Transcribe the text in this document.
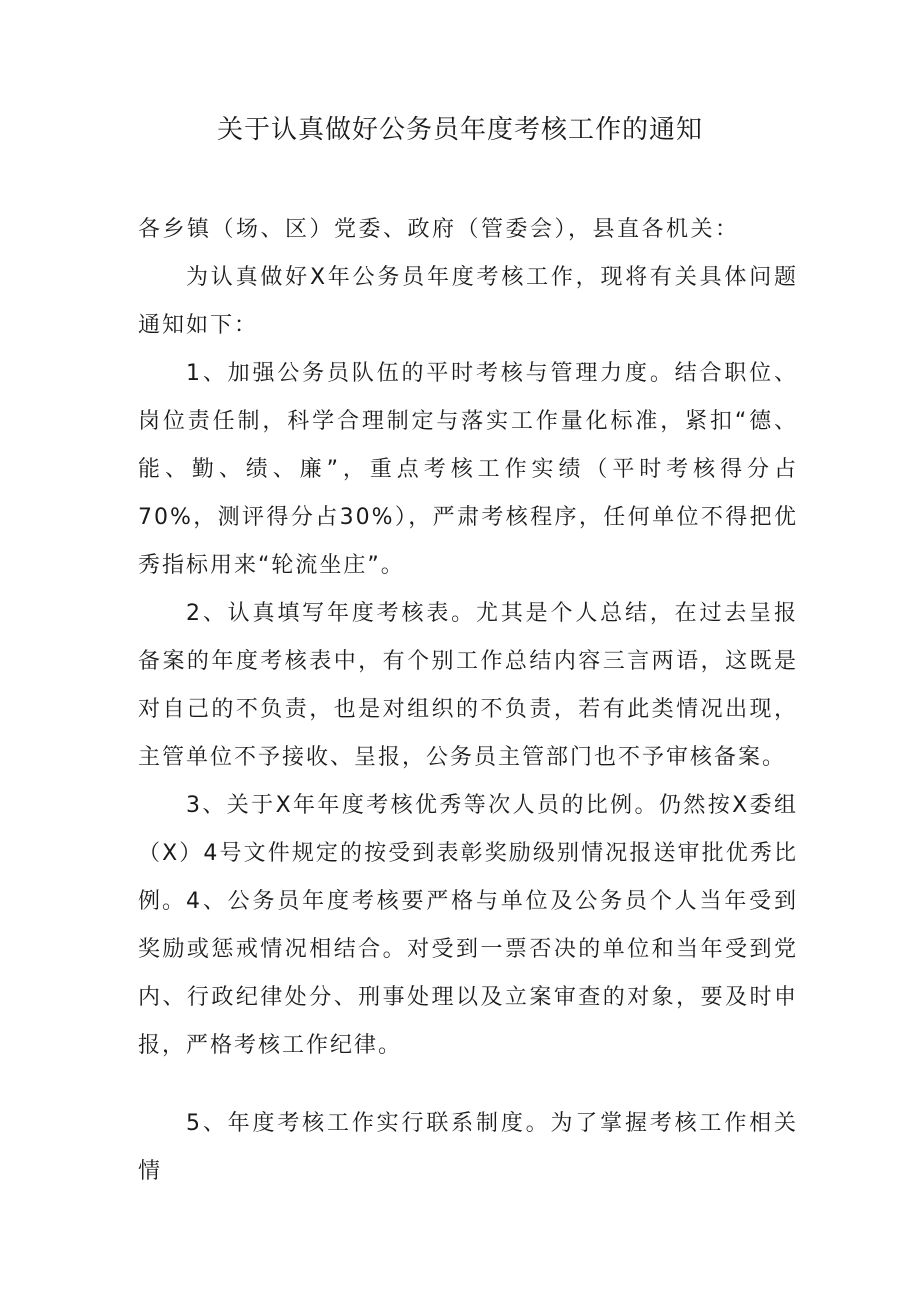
关于认真做好公务员年度考核工作的通知

各乡镇（场、区）党委、政府（管委会），县直各机关：

为认真做好X年公务员年度考核工作，现将有关具体问题通知如下：

1、加强公务员队伍的平时考核与管理力度。结合职位、岗位责任制，科学合理制定与落实工作量化标准，紧扣“德、能、勤、绩、廉”，重点考核工作实绩（平时考核得分占70%，测评得分占30%），严肃考核程序，任何单位不得把优秀指标用来“轮流坐庄”。

2、认真填写年度考核表。尤其是个人总结，在过去呈报备案的年度考核表中，有个别工作总结内容三言两语，这既是对自己的不负责，也是对组织的不负责，若有此类情况出现，主管单位不予接收、呈报，公务员主管部门也不予审核备案。

3、关于X年年度考核优秀等次人员的比例。仍然按X委组（X）4号文件规定的按受到表彰奖励级别情况报送审批优秀比例。 4、公务员年度考核要严格与单位及公务员个人当年受到奖励或惩戒情况相结合。对受到一票否决的单位和当年受到党内、行政纪律处分、刑事处理以及立案审查的对象，要及时申报，严格考核工作纪律。

5、年度考核工作实行联系制度。为了掌握考核工作相关情
